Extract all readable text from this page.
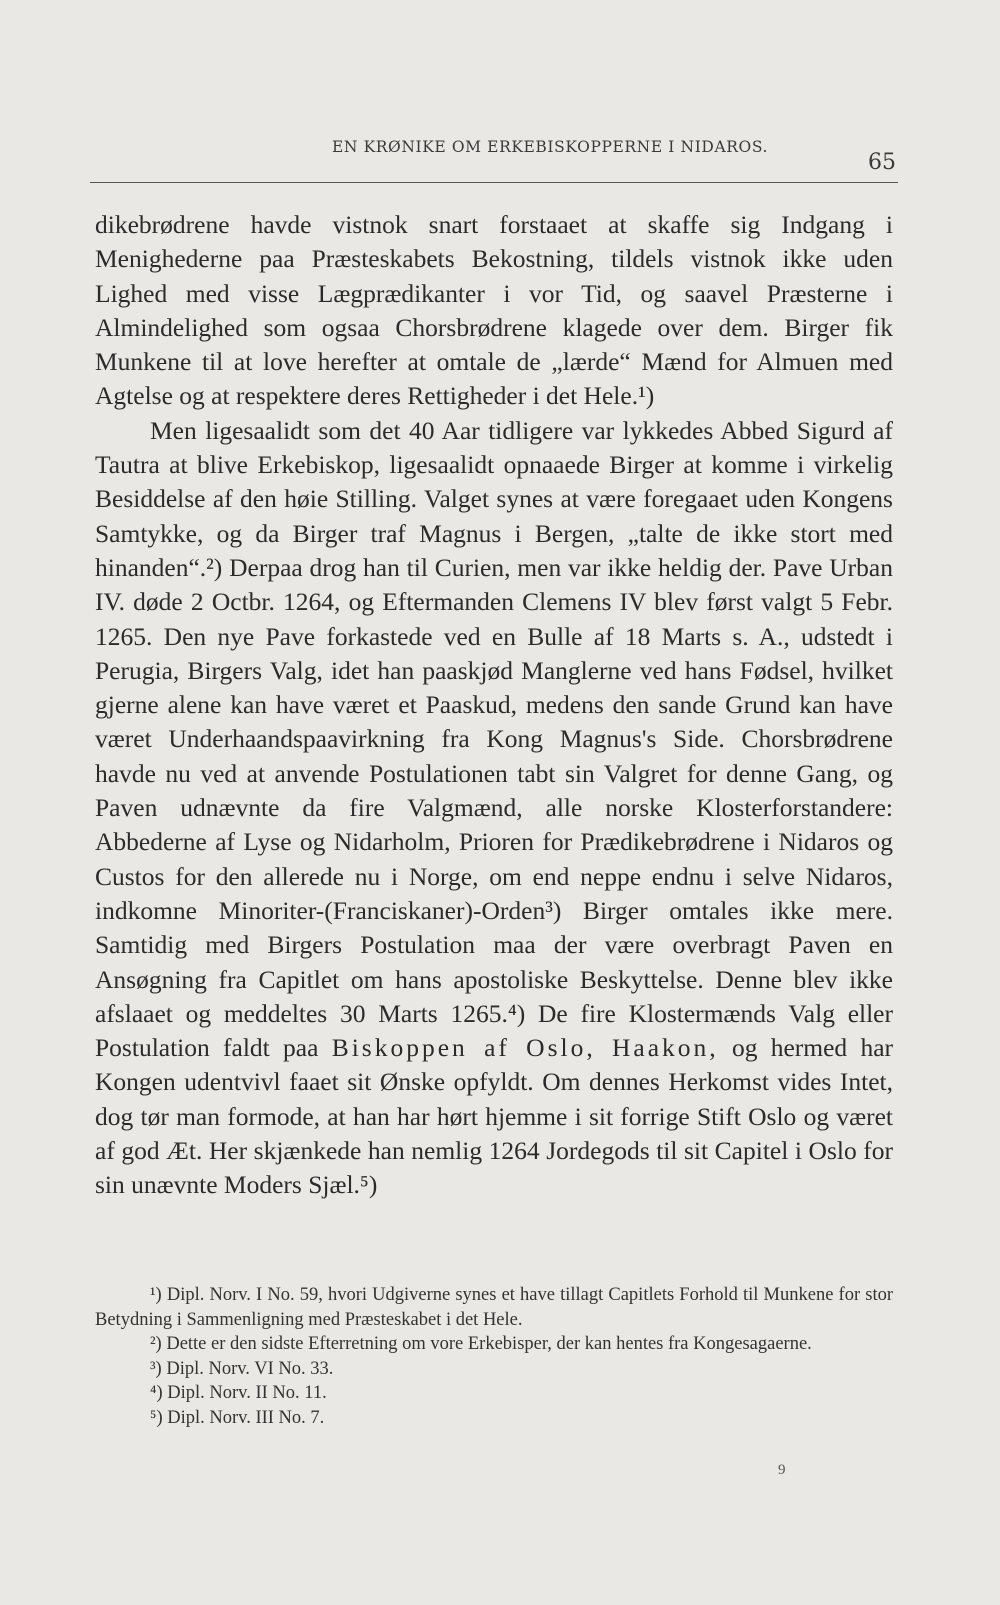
EN KRØNIKE OM ERKEBISKOPPERNE I NIDAROS.
65

dikebrødrene havde vistnok snart forstaaet at skaffe sig Indgang i Menighederne paa Præsteskabets Bekostning, tildels vistnok ikke uden Lighed med visse Lægprædikanter i vor Tid, og saavel Præsterne i Almindelighed som ogsaa Chorsbrødrene klagede over dem. Birger fik Munkene til at love herefter at omtale de „lærde“ Mænd for Almuen med Agtelse og at respektere deres Rettigheder i det Hele.¹)

Men ligesaalidt som det 40 Aar tidligere var lykkedes Abbed Sigurd af Tautra at blive Erkebiskop, ligesaalidt opnaaede Birger at komme i virkelig Besiddelse af den høie Stilling. Valget synes at være foregaaet uden Kongens Samtykke, og da Birger traf Magnus i Bergen, „talte de ikke stort med hinanden“.²) Derpaa drog han til Curien, men var ikke heldig der. Pave Urban IV. døde 2 Octbr. 1264, og Eftermanden Clemens IV blev først valgt 5 Febr. 1265. Den nye Pave forkastede ved en Bulle af 18 Marts s. A., udstedt i Perugia, Birgers Valg, idet han paaskjød Manglerne ved hans Fødsel, hvilket gjerne alene kan have været et Paaskud, medens den sande Grund kan have været Underhaandspaavirkning fra Kong Magnus's Side. Chorsbrødrene havde nu ved at anvende Postulationen tabt sin Valgret for denne Gang, og Paven udnævnte da fire Valgmænd, alle norske Klosterforstandere: Abbederne af Lyse og Nidarholm, Prioren for Prædikebrødrene i Nidaros og Custos for den allerede nu i Norge, om end neppe endnu i selve Nidaros, indkomne Minoriter-(Franciskaner)-Orden³) Birger omtales ikke mere. Samtidig med Birgers Postulation maa der være overbragt Paven en Ansøgning fra Capitlet om hans apostoliske Beskyttelse. Denne blev ikke afslaaet og meddeltes 30 Marts 1265.⁴) De fire Klostermænds Valg eller Postulation faldt paa Biskoppen af Oslo, Haakon, og hermed har Kongen udentvivl faaet sit Ønske opfyldt. Om dennes Herkomst vides Intet, dog tør man formode, at han har hørt hjemme i sit forrige Stift Oslo og været af god Æt. Her skjænkede han nemlig 1264 Jordegods til sit Capitel i Oslo for sin unævnte Moders Sjæl.⁵)

¹) Dipl. Norv. I No. 59, hvori Udgiverne synes et have tillagt Capitlets Forhold til Munkene for stor Betydning i Sammenligning med Præsteskabet i det Hele.
²) Dette er den sidste Efterretning om vore Erkebisper, der kan hentes fra Kongesagaerne.
³) Dipl. Norv. VI No. 33.
⁴) Dipl. Norv. II No. 11.
⁵) Dipl. Norv. III No. 7.
9
